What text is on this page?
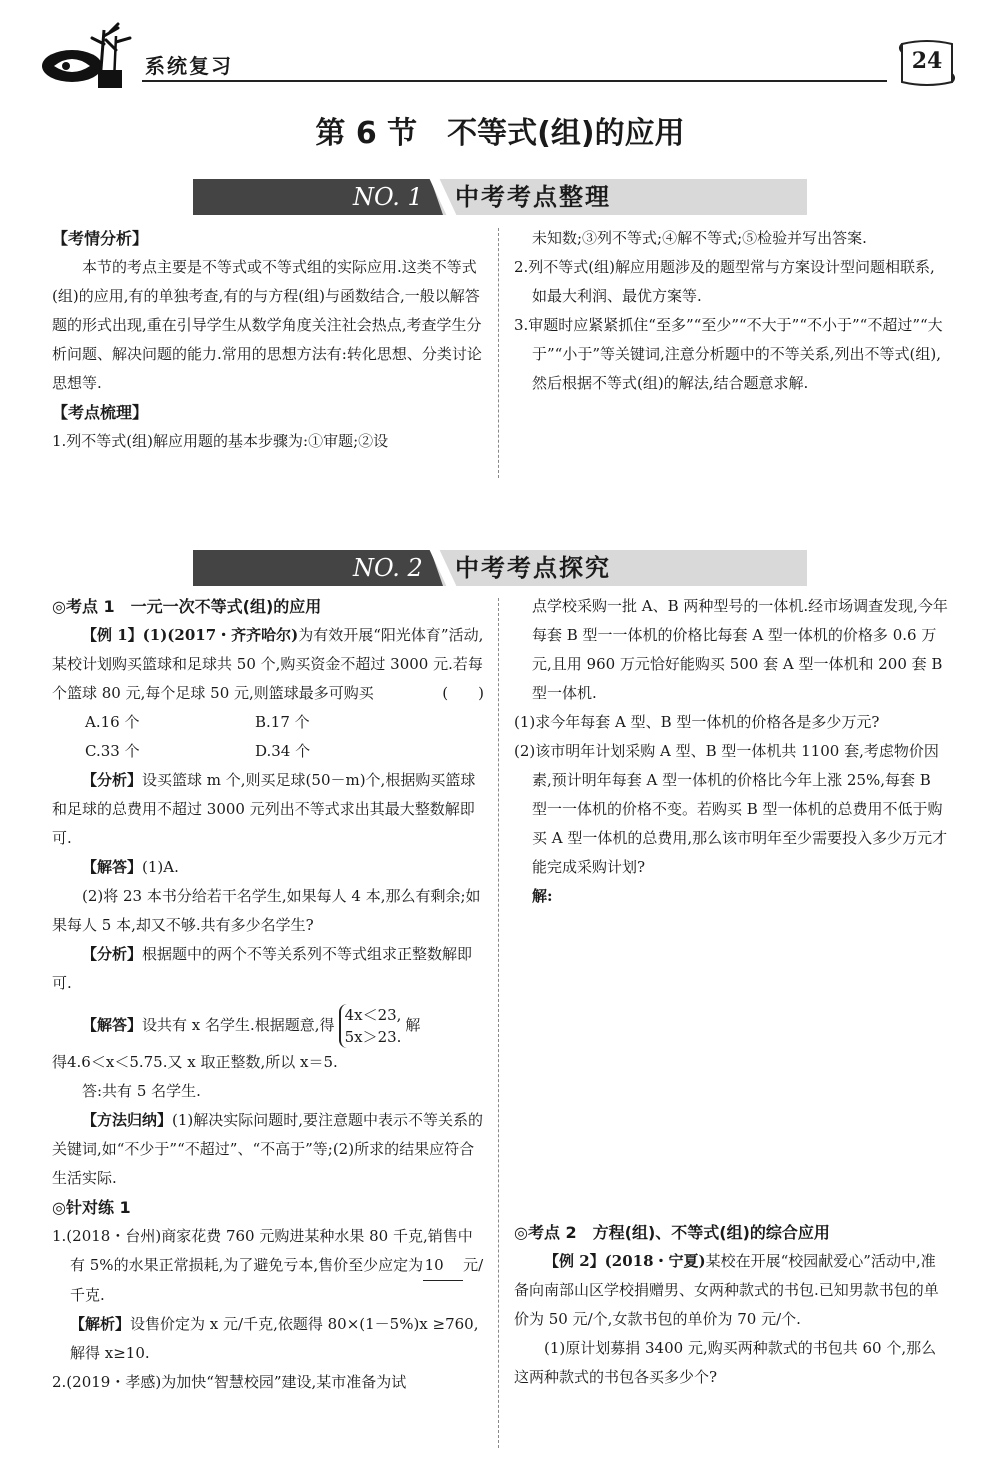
系统复习	24
第 6 节　不等式(组)的应用
NO. 1 中考考点整理

【考情分析】

本节的考点主要是不等式或不等式组的实际应用.这类不等式(组)的应用,有的单独考查,有的与方程(组)与函数结合,一般以解答题的形式出现,重在引导学生从数学角度关注社会热点,考查学生分析问题、解决问题的能力.常用的思想方法有:转化思想、分类讨论思想等.

【考点梳理】

1.列不等式(组)解应用题的基本步骤为:①审题;②设

未知数;③列不等式;④解不等式;⑤检验并写出答案.

2.列不等式(组)解应用题涉及的题型常与方案设计型问题相联系,如最大利润、最优方案等.

3.审题时应紧紧抓住“至多”“至少”“不大于”“不小于”“不超过”“大于”“小于”等关键词,注意分析题中的不等关系,列出不等式(组),然后根据不等式(组)的解法,结合题意求解.

NO. 2 中考考点探究

◎考点 1　一元一次不等式(组)的应用

【例 1】(1)(2017・齐齐哈尔)为有效开展“阳光体育”活动,某校计划购买篮球和足球共 50 个,购买资金不超过 3000 元.若每个篮球 80 元,每个足球 50 元,则篮球最多可购买	(　　)

A.16 个	B.17 个
C.33 个	D.34 个

【分析】设买篮球 m 个,则买足球(50－m)个,根据购买篮球和足球的总费用不超过 3000 元列出不等式求出其最大整数解即可.

【解答】(1)A.

(2)将 23 本书分给若干名学生,如果每人 4 本,那么有剩余;如果每人 5 本,却又不够.共有多少名学生?

【分析】根据题中的两个不等关系列不等式组求正整数解即可.

【解答】设共有 x 名学生.根据题意,得
4x＜23,
5x＞23.
解

得4.6＜x＜5.75.又 x 取正整数,所以 x＝5.

答:共有 5 名学生.

【方法归纳】(1)解决实际问题时,要注意题中表示不等关系的关键词,如“不少于”“不超过”、“不高于”等;(2)所求的结果应符合生活实际.

◎针对练 1

1.(2018・台州)商家花费 760 元购进某种水果 80 千克,销售中有 5%的水果正常损耗,为了避免亏本,售价至少应定为10 元/千克.

【解析】设售价定为 x 元/千克,依题得 80×(1－5%)x ≥760,解得 x≥10.

2.(2019・孝感)为加快“智慧校园”建设,某市准备为试

点学校采购一批 A、B 两种型号的一体机.经市场调查发现,今年每套 B 型一一体机的价格比每套 A 型一体机的价格多 0.6 万元,且用 960 万元恰好能购买 500 套 A 型一体机和 200 套 B 型一体机.

(1)求今年每套 A 型、B 型一体机的价格各是多少万元?

(2)该市明年计划采购 A 型、B 型一体机共 1100 套,考虑物价因素,预计明年每套 A 型一体机的价格比今年上涨 25%,每套 B 型一一体机的价格不变。若购买 B 型一体机的总费用不低于购买 A 型一体机的总费用,那么该市明年至少需要投入多少万元才能完成采购计划?

解:

◎考点 2　方程(组)、不等式(组)的综合应用

【例 2】(2018・宁夏)某校在开展“校园献爱心”活动中,准备向南部山区学校捐赠男、女两种款式的书包.已知男款书包的单价为 50 元/个,女款书包的单价为 70 元/个.

(1)原计划募捐 3400 元,购买两种款式的书包共 60 个,那么这两种款式的书包各买多少个?
